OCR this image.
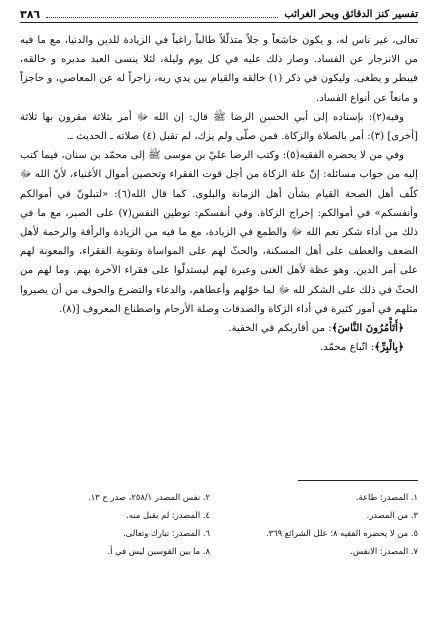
٣٨٦	تفسير كنز الدقائق وبحر الغرائب

تعالى، غير ناس له، و يكون خاشعاً و جلاً متذلّلاً طالباً راغباً في الزيادة للدين والدنيا، مع ما فيه من الانزجار عن الفساد. وصار ذلك عليه في كل يوم وليلة، لئلا ينسى العبد مدبره و خالقه، فيبطر و يطغى. وليكون في ذكر (١) خالقه والقيام بين يدي ربه، زاجراً له عن المعاصي، و حاجزاً و مانعاً عن أنواع الفساد.

وفيه(٢): بإسناده إلى أبي الحسن الرضا ﷺ قال: إن الله ﷻ أمر بثلاثة مقرون بها ثلاثة [أخرى] (٣): أمر بالصلاة والزكاة. فمن صلّى ولم يزك، لم تقبل (٤) صلاته ـ الحديث ـ.

وفي من لا يحضره الفقيه(٥): وكتب الرضا عليّ بن موسى ﷺ إلى محمّد بن سنان، فيما كتب إليه من جواب مسائله: إنّ علة الزكاة من أجل قوت الفقراء وتحصين أموال الأغنياء، لأنّ الله ﷻ كلّف أهل الصحة القيام بشأن أهل الزمانة والبلوى. كما قال الله(٦): «لتبلونّ في أموالكم وأنفسكم» في أموالكم: إخراج الزكاة. وفي أنفسكم: توطين النفس(٧) على الصبر، مع ما في ذلك من أداء شكر نعم الله ﷻ والطمع في الزيادة، مع ما فيه من الزيادة والرأفة والرحمة لأهل الضعف والعطف على أهل المسكنة، والحثّ لهم على المواساة وتقوية الفقراء، والمعونة لهم على أمر الدين. وهو عظة لأهل الغنى وعبرة لهم ليستدلّوا على فقراء الآخرة بهم. وما لهم من الحثّ في ذلك على الشكر لله ﷻ لما خوّلهم وأعطاهم، والدعاء والتضرع والخوف من أن يصيروا مثلهم في أمور كثيرة في أداء الزكاة والصدقات وصلة الأرحام واصطناع المعروف [(٨).

﴿أَتَأْمُرُونَ النَّاسَ﴾: من أقاربكم في الخفية.

﴿بِالْبِرِّ﴾: اتّباع محمّد.

١. المصدر: طاعة.
٢. نفس المصدر ٢٥٨/١، صدر ح ١٣.
٣. من المصدر.
٤. المصدر: لم يقبل منه.
٥. من لا يحضره الفقيه ٨؛ علل الشرائع ٣٦٩.
٦. المصدر: تبارك وتعالى.
٧. المصدر: الانفس.
٨. ما بين القوسين ليس في أ.
